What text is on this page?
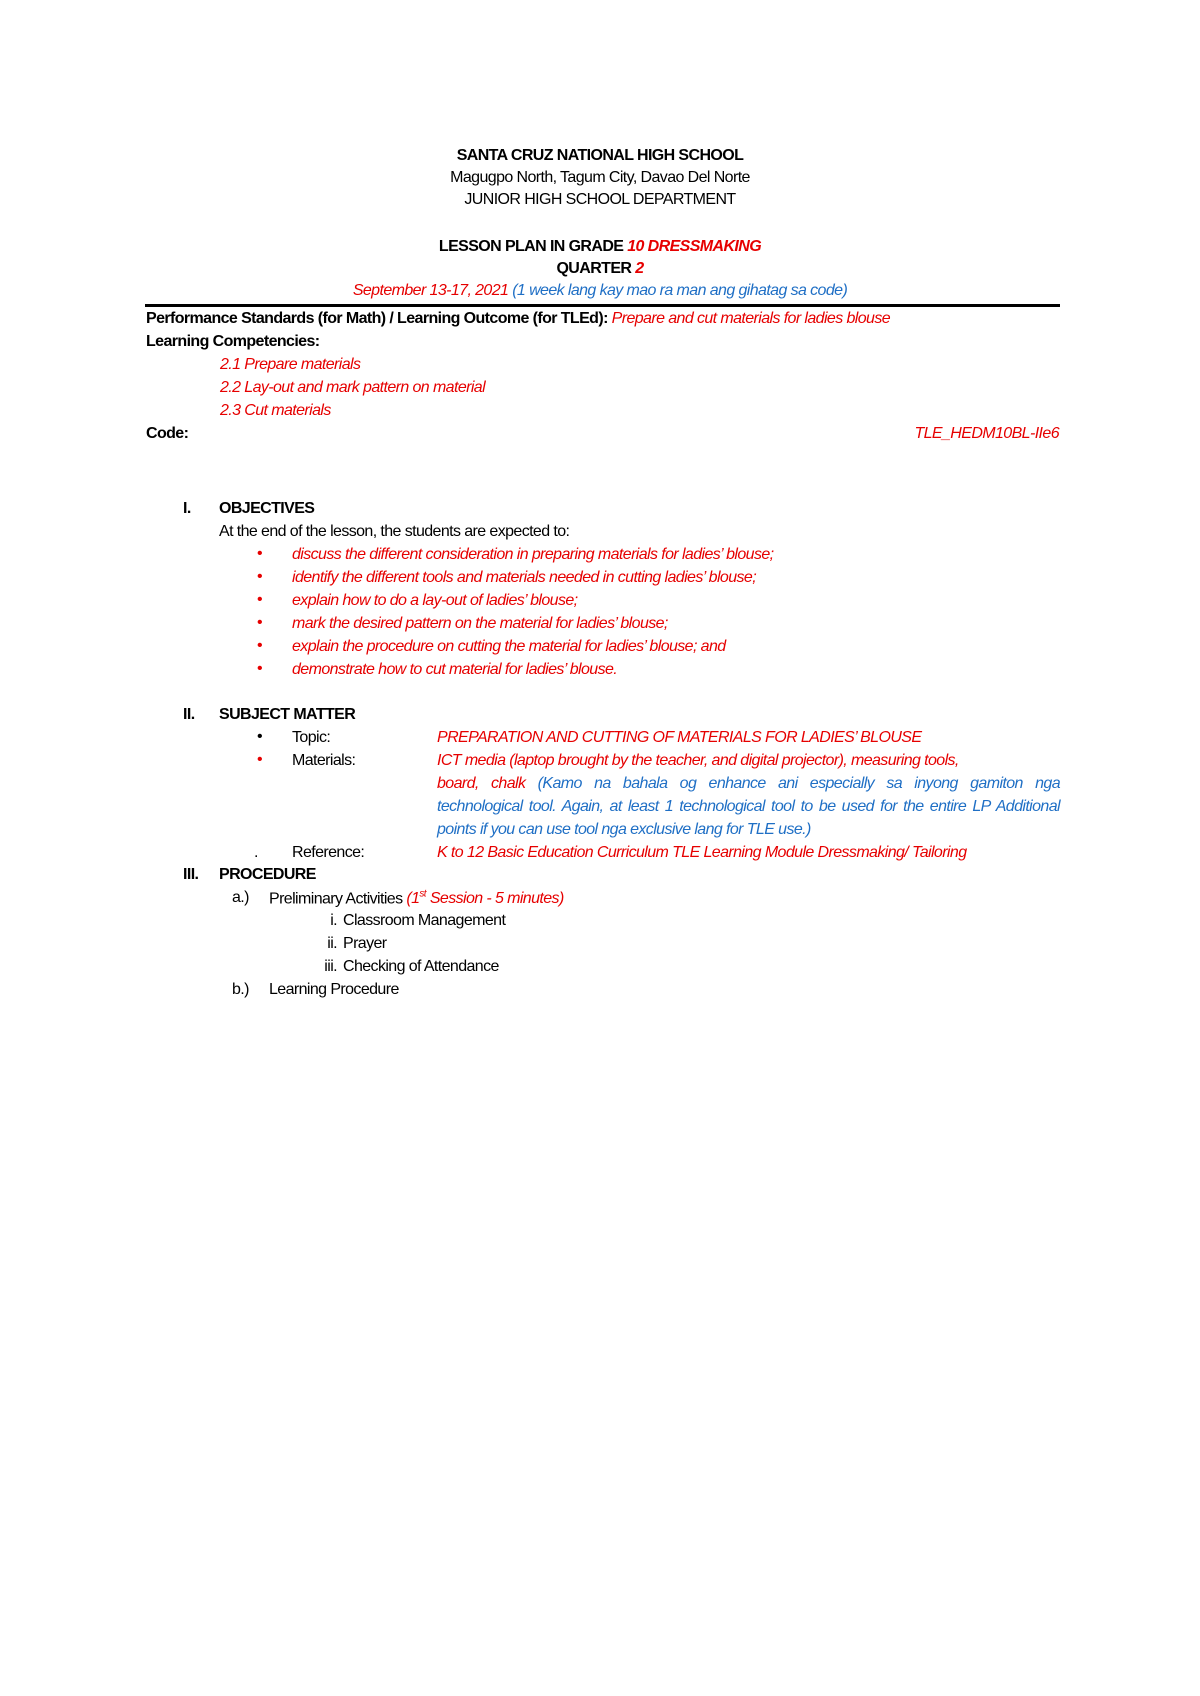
SANTA CRUZ NATIONAL HIGH SCHOOL
Magugpo North, Tagum City, Davao Del Norte
JUNIOR HIGH SCHOOL DEPARTMENT
LESSON PLAN IN GRADE 10 DRESSMAKING
QUARTER 2
September 13-17, 2021 (1 week lang kay mao ra man ang gihatag sa code)
Performance Standards (for Math) / Learning Outcome (for TLEd): Prepare and cut materials for ladies blouse
Learning Competencies:
2.1 Prepare materials
2.2 Lay-out and mark pattern on material
2.3 Cut materials
Code:	TLE_HEDM10BL-IIe6
I. OBJECTIVES
At the end of the lesson, the students are expected to:
• discuss the different consideration in preparing materials for ladies’ blouse;
• identify the different tools and materials needed in cutting ladies’ blouse;
• explain how to do a lay-out of ladies’ blouse;
• mark the desired pattern on the material for ladies’ blouse;
• explain the procedure on cutting the material for ladies’ blouse; and
• demonstrate how to cut material for ladies’ blouse.
II. SUBJECT MATTER
• Topic:	PREPARATION AND CUTTING OF MATERIALS FOR LADIES’ BLOUSE
• Materials:	ICT media (laptop brought by the teacher, and digital projector), measuring tools,
board, chalk (Kamo na bahala og enhance ani especially sa inyong gamiton nga
technological tool. Again, at least 1 technological tool to be used for the entire LP Additional
points if you can use tool nga exclusive lang for TLE use.)
. Reference:	K to 12 Basic Education Curriculum TLE Learning Module Dressmaking/ Tailoring
III. PROCEDURE
a.) Preliminary Activities (1st Session - 5 minutes)
i. Classroom Management
ii. Prayer
iii. Checking of Attendance
b.) Learning Procedure
